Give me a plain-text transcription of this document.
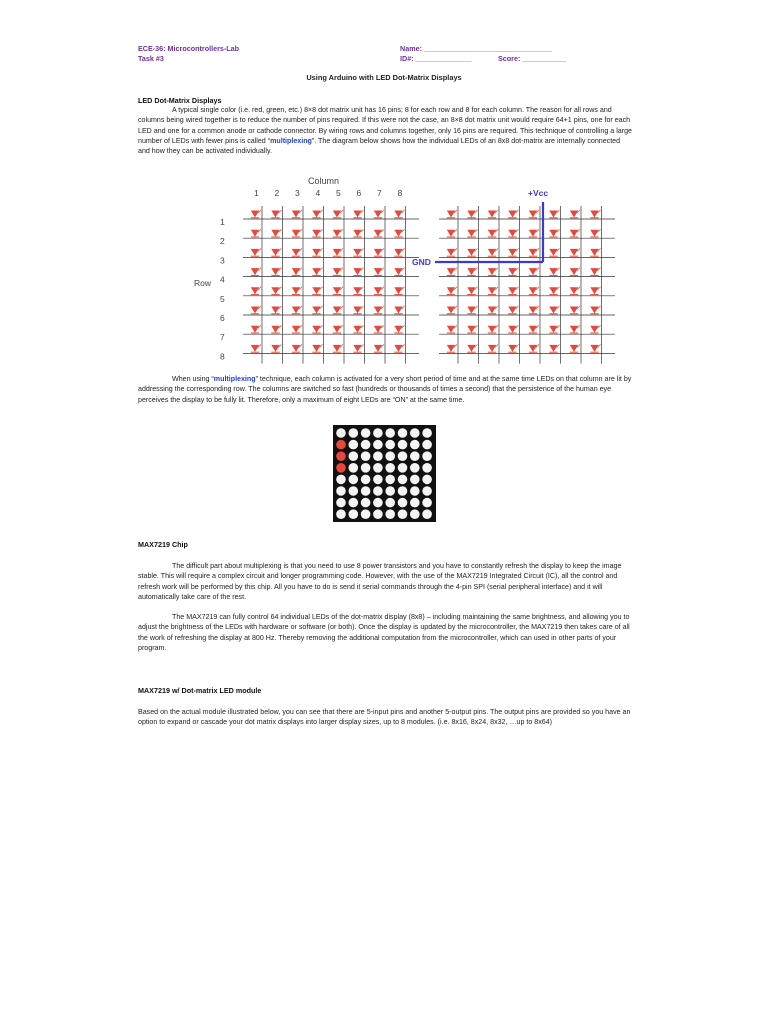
ECE-36: Microcontrollers-Lab
Task #3
Name: ________________________________
ID#: ______________	Score: ___________
Using Arduino with LED Dot-Matrix Displays
LED Dot-Matrix Displays
A typical single color (i.e. red, green, etc.) 8×8 dot matrix unit has 16 pins; 8 for each row and 8 for each column. The reason for all rows and columns being wired together is to reduce the number of pins required. If this were not the case, an 8×8 dot matrix unit would require 64+1 pins, one for each LED and one for a common anode or cathode connector. By wiring rows and columns together, only 16 pins are required. This technique of controlling a large number of LEDs with fewer pins is called “multiplexing”. The diagram below shows how the individual LEDs of an 8x8 dot-matrix are internally connected and how they can be activated individually.
Column
1 2 3 4 5 6 7 8
1
2
3
4
5
6
7
8
Row
+Vcc
GND
When using “multiplexing” technique, each column is activated for a very short period of time and at the same time LEDs on that column are lit by addressing the corresponding row. The columns are switched so fast (hundreds or thousands of times a second) that the persistence of the human eye perceives the display to be fully lit. Therefore, only a maximum of eight LEDs are “ON” at the same time.
MAX7219 Chip
The difficult part about multiplexing is that you need to use 8 power transistors and you have to constantly refresh the display to keep the image stable. This will require a complex circuit and longer programming code. However, with the use of the MAX7219 Integrated Circuit (IC), all the control and refresh work will be performed by this chip. All you have to do is send it serial commands through the 4-pin SPI (serial peripheral interface) and it will automatically take care of the rest.
The MAX7219 can fully control 64 individual LEDs of the dot-matrix display (8x8) – including maintaining the same brightness, and allowing you to adjust the brightness of the LEDs with hardware or software (or both). Once the display is updated by the microcontroller, the MAX7219 then takes care of all the work of refreshing the display at 800 Hz. Thereby removing the additional computation from the microcontroller, which can used in other parts of your program.
MAX7219 w/ Dot-matrix LED module
Based on the actual module illustrated below, you can see that there are 5-input pins and another 5-output pins. The output pins are provided so you have an option to expand or cascade your dot matrix displays into larger display sizes, up to 8 modules. (i.e. 8x16, 8x24, 8x32, …up to 8x64)
